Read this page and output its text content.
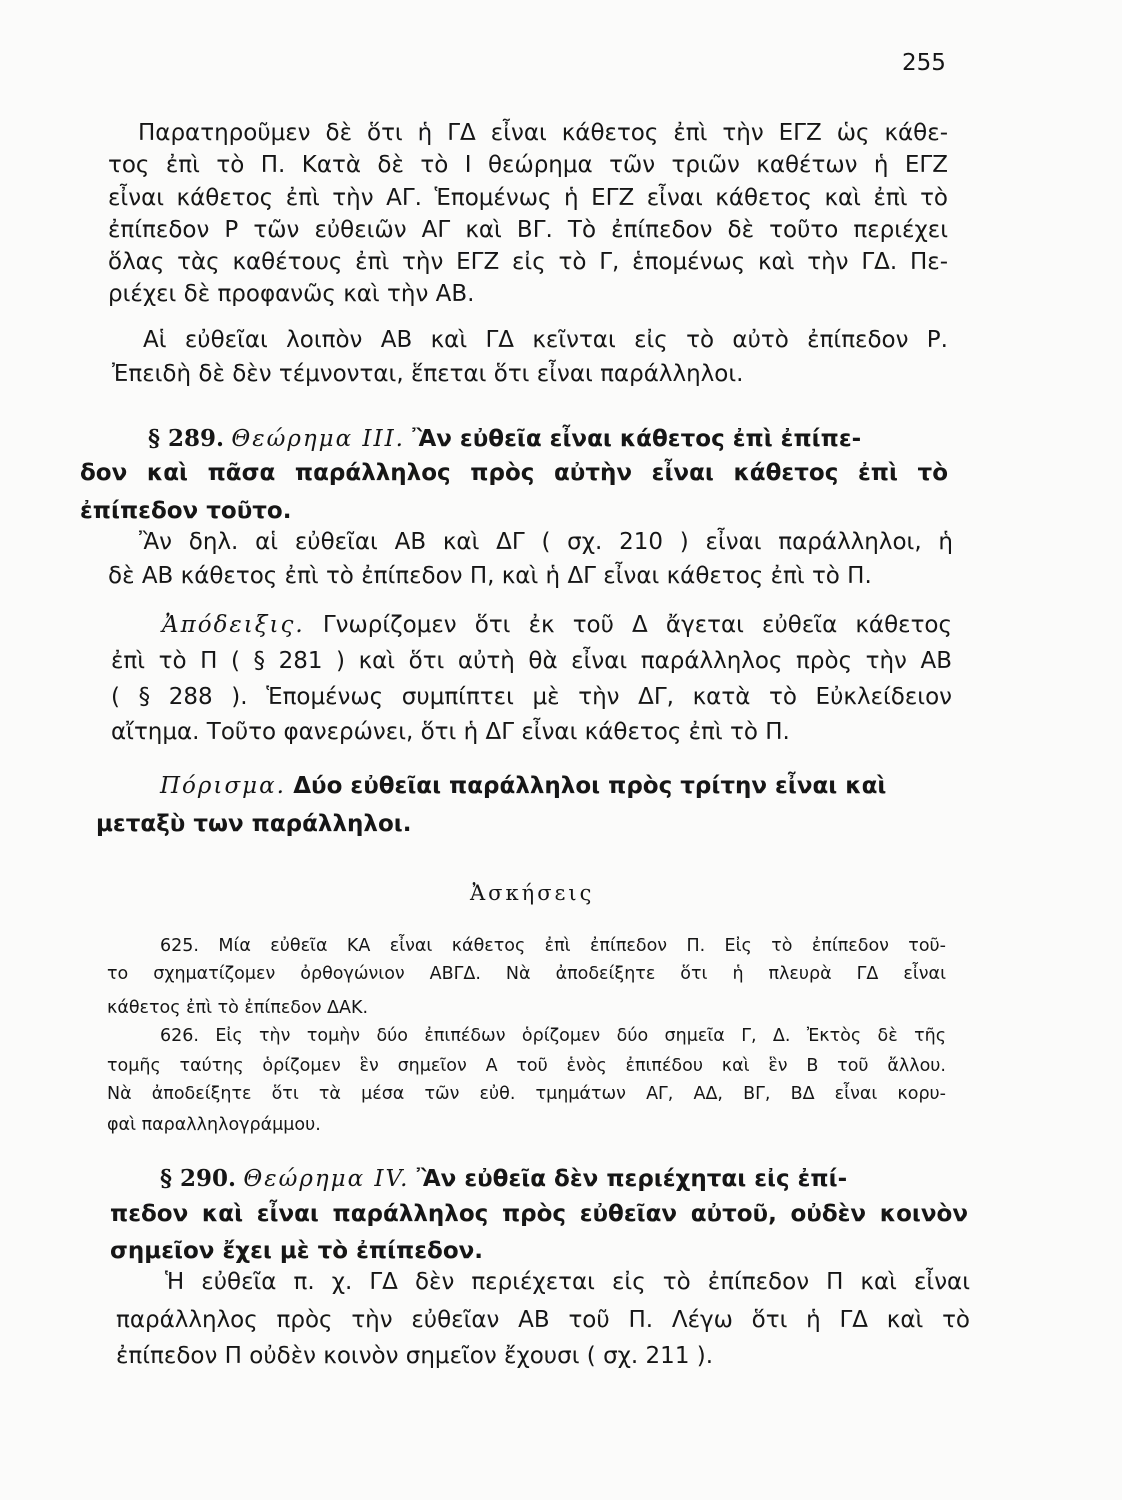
255
Παρατηροῦμεν δὲ ὅτι ἡ ΓΔ εἶναι κάθετος ἐπὶ τὴν ΕΓΖ ὡς κάθε-
τος ἐπὶ τὸ Π. Κατὰ δὲ τὸ Ι θεώρημα τῶν τριῶν καθέτων ἡ ΕΓΖ
εἶναι κάθετος ἐπὶ τὴν ΑΓ. Ἑπομένως ἡ ΕΓΖ εἶναι κάθετος καὶ ἐπὶ τὸ
ἐπίπεδον Ρ τῶν εὐθειῶν ΑΓ καὶ ΒΓ. Τὸ ἐπίπεδον δὲ τοῦτο περιέχει
ὅλας τὰς καθέτους ἐπὶ τὴν ΕΓΖ εἰς τὸ Γ, ἑπομένως καὶ τὴν ΓΔ. Πε-
ριέχει δὲ προφανῶς καὶ τὴν ΑΒ.
Αἱ εὐθεῖαι λοιπὸν ΑΒ καὶ ΓΔ κεῖνται εἰς τὸ αὐτὸ ἐπίπεδον Ρ.
Ἐπειδὴ δὲ δὲν τέμνονται, ἕπεται ὅτι εἶναι παράλληλοι.
§ 289. Θεώρημα III. Ἂν εὐθεῖα εἶναι κάθετος ἐπὶ ἐπίπε-
δον καὶ πᾶσα παράλληλος πρὸς αὐτὴν εἶναι κάθετος ἐπὶ τὸ
ἐπίπεδον τοῦτο.
Ἂν δηλ. αἱ εὐθεῖαι ΑΒ καὶ ΔΓ ( σχ. 210 ) εἶναι παράλληλοι, ἡ
δὲ ΑΒ κάθετος ἐπὶ τὸ ἐπίπεδον Π, καὶ ἡ ΔΓ εἶναι κάθετος ἐπὶ τὸ Π.
Ἀπόδειξις. Γνωρίζομεν ὅτι ἐκ τοῦ Δ ἄγεται εὐθεῖα κάθετος
ἐπὶ τὸ Π ( § 281 ) καὶ ὅτι αὐτὴ θὰ εἶναι παράλληλος πρὸς τὴν ΑΒ
( § 288 ). Ἑπομένως συμπίπτει μὲ τὴν ΔΓ, κατὰ τὸ Εὐκλείδειον
αἴτημα. Τοῦτο φανερώνει, ὅτι ἡ ΔΓ εἶναι κάθετος ἐπὶ τὸ Π.
Πόρισμα. Δύο εὐθεῖαι παράλληλοι πρὸς τρίτην εἶναι καὶ
μεταξὺ των παράλληλοι.
Ἀσκήσεις
625. Μία εὐθεῖα ΚΑ εἶναι κάθετος ἐπὶ ἐπίπεδον Π. Εἰς τὸ ἐπίπεδον τοῦ-
το σχηματίζομεν ὀρθογώνιον ΑΒΓΔ. Νὰ ἀποδείξητε ὅτι ἡ πλευρὰ ΓΔ εἶναι
κάθετος ἐπὶ τὸ ἐπίπεδον ΔΑΚ.
626. Εἰς τὴν τομὴν δύο ἐπιπέδων ὁρίζομεν δύο σημεῖα Γ, Δ. Ἐκτὸς δὲ τῆς
τομῆς ταύτης ὁρίζομεν ἓν σημεῖον Α τοῦ ἑνὸς ἐπιπέδου καὶ ἓν Β τοῦ ἄλλου.
Νὰ ἀποδείξητε ὅτι τὰ μέσα τῶν εὐθ. τμημάτων ΑΓ, ΑΔ, ΒΓ, ΒΔ εἶναι κορυ-
φαὶ παραλληλογράμμου.
§ 290. Θεώρημα IV. Ἂν εὐθεῖα δὲν περιέχηται εἰς ἐπί-
πεδον καὶ εἶναι παράλληλος πρὸς εὐθεῖαν αὐτοῦ, οὐδὲν κοινὸν
σημεῖον ἔχει μὲ τὸ ἐπίπεδον.
Ἡ εὐθεῖα π. χ. ΓΔ δὲν περιέχεται εἰς τὸ ἐπίπεδον Π καὶ εἶναι
παράλληλος πρὸς τὴν εὐθεῖαν ΑΒ τοῦ Π. Λέγω ὅτι ἡ ΓΔ καὶ τὸ
ἐπίπεδον Π οὐδὲν κοινὸν σημεῖον ἔχουσι ( σχ. 211 ).
